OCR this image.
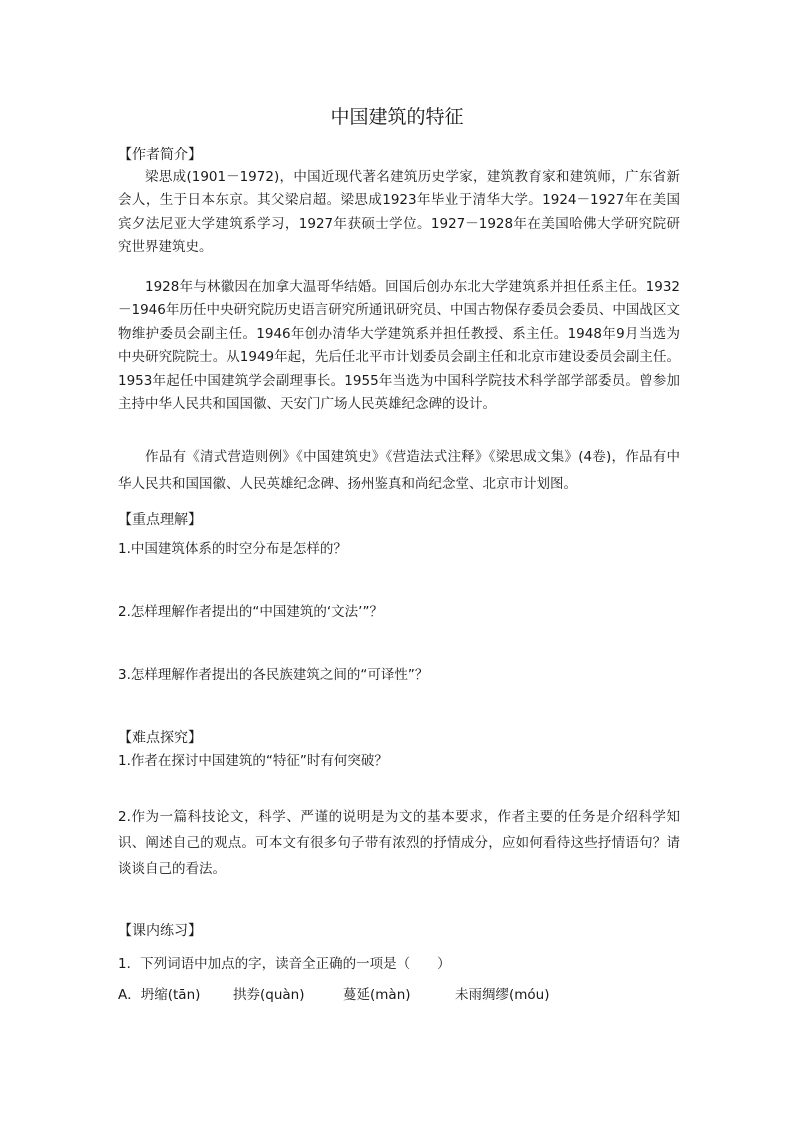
中国建筑的特征
【作者简介】

梁思成(1901－1972)，中国近现代著名建筑历史学家，建筑教育家和建筑师，广东省新会人，生于日本东京。其父梁启超。梁思成1923年毕业于清华大学。1924－1927年在美国宾夕法尼亚大学建筑系学习，1927年获硕士学位。1927－1928年在美国哈佛大学研究院研究世界建筑史。

1928年与林徽因在加拿大温哥华结婚。回国后创办东北大学建筑系并担任系主任。1932－1946年历任中央研究院历史语言研究所通讯研究员、中国古物保存委员会委员、中国战区文物维护委员会副主任。1946年创办清华大学建筑系并担任教授、系主任。1948年9月当选为中央研究院院士。从1949年起，先后任北平市计划委员会副主任和北京市建设委员会副主任。1953年起任中国建筑学会副理事长。1955年当选为中国科学院技术科学部学部委员。曾参加主持中华人民共和国国徽、天安门广场人民英雄纪念碑的设计。

作品有《清式营造则例》《中国建筑史》《营造法式注释》《梁思成文集》(4卷)，作品有中华人民共和国国徽、人民英雄纪念碑、扬州鉴真和尚纪念堂、北京市计划图。

【重点理解】
1.中国建筑体系的时空分布是怎样的？
2.怎样理解作者提出的“中国建筑的‘文法’”？
3.怎样理解作者提出的各民族建筑之间的“可译性”？
【难点探究】
1.作者在探讨中国建筑的“特征”时有何突破？

2.作为一篇科技论文，科学、严谨的说明是为文的基本要求，作者主要的任务是介绍科学知识、阐述自己的观点。可本文有很多句子带有浓烈的抒情成分，应如何看待这些抒情语句？请谈谈自己的看法。

【课内练习】
1．下列词语中加点的字，读音全正确的一项是（　　）
A．坍缩(tān) 拱券(quàn)	蔓延(màn)	未雨绸缪(móu)
